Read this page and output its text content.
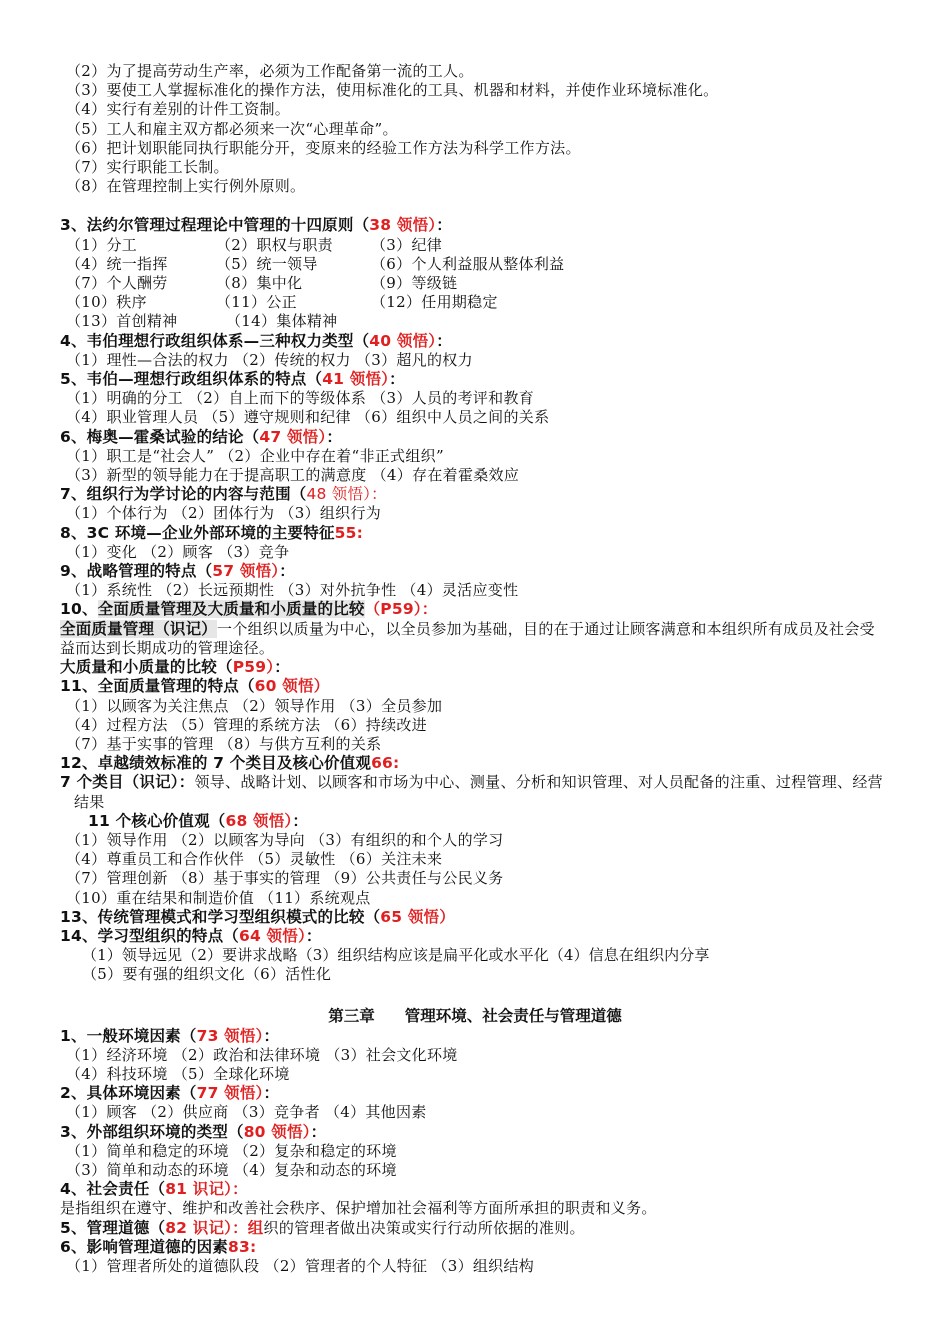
（2）为了提高劳动生产率，必须为工作配备第一流的工人。
（3）要使工人掌握标准化的操作方法，使用标准化的工具、机器和材料，并使作业环境标准化。
（4）实行有差别的计件工资制。
（5）工人和雇主双方都必须来一次“心理革命”。
（6）把计划职能同执行职能分开，变原来的经验工作方法为科学工作方法。
（7）实行职能工长制。
（8）在管理控制上实行例外原则。
3、法约尔管理过程理论中管理的十四原则（38 领悟）：
（1）分工	（2）职权与职责	（3）纪律
（4）统一指挥	（5）统一领导	（6）个人利益服从整体利益
（7）个人酬劳	（8）集中化	（9）等级链
（10）秩序	（11）公正	（12）任用期稳定
（13）首创精神	（14）集体精神
4、韦伯理想行政组织体系—三种权力类型（40 领悟）：
（1）理性—合法的权力 （2）传统的权力 （3）超凡的权力
5、韦伯—理想行政组织体系的特点（41 领悟）：
（1）明确的分工 （2）自上而下的等级体系 （3）人员的考评和教育
（4）职业管理人员 （5）遵守规则和纪律 （6）组织中人员之间的关系
6、梅奥—霍桑试验的结论（47 领悟）：
（1）职工是“社会人” （2）企业中存在着“非正式组织”
（3）新型的领导能力在于提高职工的满意度 （4）存在着霍桑效应
7、组织行为学讨论的内容与范围（48 领悟）：
（1）个体行为 （2）团体行为 （3）组织行为
8、3C 环境—企业外部环境的主要特征55:
（1）变化 （2）顾客 （3）竞争
9、战略管理的特点（57 领悟）：
（1）系统性 （2）长远预期性 （3）对外抗争性 （4）灵活应变性
10、全面质量管理及大质量和小质量的比较（P59）：
全面质量管理（识记）一个组织以质量为中心，以全员参加为基础，目的在于通过让顾客满意和本组织所有成员及社会受益而达到长期成功的管理途径。
大质量和小质量的比较（P59）：
11、全面质量管理的特点（60 领悟）
（1）以顾客为关注焦点 （2）领导作用 （3）全员参加
（4）过程方法 （5）管理的系统方法 （6）持续改进
（7）基于实事的管理 （8）与供方互利的关系
12、卓越绩效标准的 7 个类目及核心价值观66:
7 个类目（识记）：领导、战略计划、以顾客和市场为中心、测量、分析和知识管理、对人员配备的注重、过程管理、经营结果
11 个核心价值观（68 领悟）：
（1）领导作用 （2）以顾客为导向 （3）有组织的和个人的学习
（4）尊重员工和合作伙伴 （5）灵敏性 （6）关注未来
（7）管理创新 （8）基于事实的管理 （9）公共责任与公民义务
（10）重在结果和制造价值 （11）系统观点
13、传统管理模式和学习型组织模式的比较（65 领悟）
14、学习型组织的特点（64 领悟）：
（1）领导远见（2）要讲求战略（3）组织结构应该是扁平化或水平化（4）信息在组织内分享
（5）要有强的组织文化（6）活性化
第三章 管理环境、社会责任与管理道德
1、一般环境因素（73 领悟）：
（1）经济环境 （2）政治和法律环境 （3）社会文化环境
（4）科技环境 （5）全球化环境
2、具体环境因素（77 领悟）：
（1）顾客 （2）供应商 （3）竞争者 （4）其他因素
3、外部组织环境的类型（80 领悟）：
（1）简单和稳定的环境 （2）复杂和稳定的环境
（3）简单和动态的环境 （4）复杂和动态的环境
4、社会责任（81 识记）：
是指组织在遵守、维护和改善社会秩序、保护增加社会福利等方面所承担的职责和义务。
5、管理道德（82 识记）：组织的管理者做出决策或实行行动所依据的准则。
6、影响管理道德的因素83:
（1）管理者所处的道德队段 （2）管理者的个人特征 （3）组织结构
